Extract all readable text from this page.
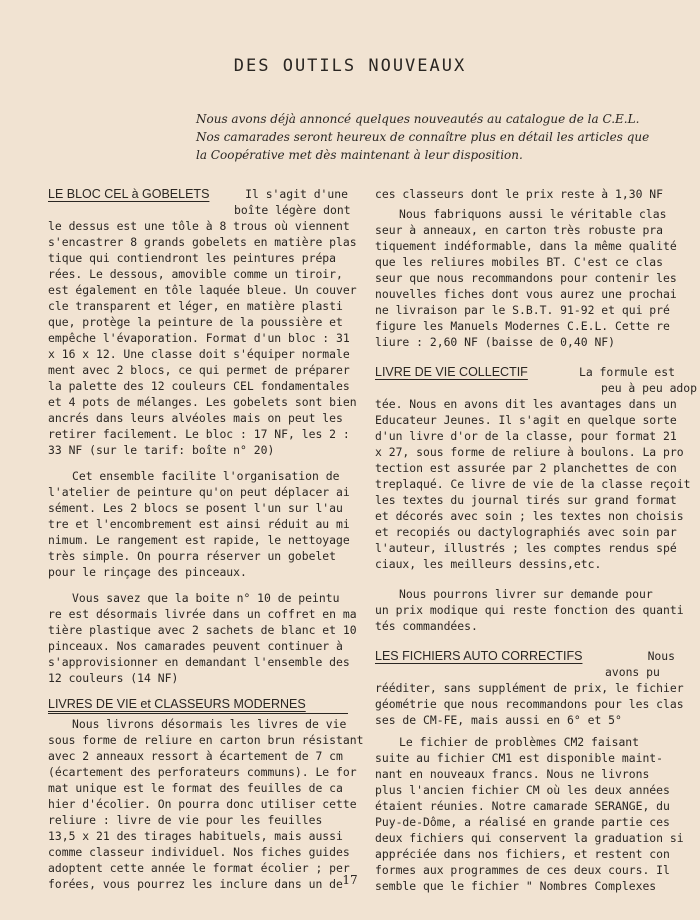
DES OUTILS NOUVEAUX
Nous avons déjà annoncé quelques nouveautés au catalogue de la C.E.L.
Nos camarades seront heureux de connaître plus en détail les articles que
la Coopérative met dès maintenant à leur disposition.
LE BLOC CEL à GOBELETS	Il s'agit d'une
boîte légère dont
le dessus est une tôle à 8 trous où viennent
s'encastrer 8 grands gobelets en matière plas
tique qui contiendront les peintures prépa
rées. Le dessous, amovible comme un tiroir,
est également en tôle laquée bleue. Un couver
cle transparent et léger, en matière plasti
que, protège la peinture de la poussière et
empêche l'évaporation. Format d'un bloc : 31
x 16 x 12. Une classe doit s'équiper normale
ment avec 2 blocs, ce qui permet de préparer
la palette des 12 couleurs CEL fondamentales
et 4 pots de mélanges. Les gobelets sont bien
ancrés dans leurs alvéoles mais on peut les
retirer facilement. Le bloc : 17 NF, les 2 :
33 NF (sur le tarif: boîte n° 20)
Cet ensemble facilite l'organisation de
l'atelier de peinture qu'on peut déplacer ai
sément. Les 2 blocs se posent l'un sur l'au
tre et l'encombrement est ainsi réduit au mi
nimum. Le rangement est rapide, le nettoyage
très simple. On pourra réserver un gobelet
pour le rinçage des pinceaux.
Vous savez que la boite n° 10 de peintu
re est désormais livrée dans un coffret en ma
tière plastique avec 2 sachets de blanc et 10
pinceaux. Nos camarades peuvent continuer à
s'approvisionner en demandant l'ensemble des
12 couleurs (14 NF)
LIVRES DE VIE et CLASSEURS MODERNES
Nous livrons désormais les livres de vie
sous forme de reliure en carton brun résistant
avec 2 anneaux ressort à écartement de 7 cm
(écartement des perforateurs communs). Le for
mat unique est le format des feuilles de ca
hier d'écolier. On pourra donc utiliser cette
reliure : livre de vie pour les feuilles
13,5 x 21 des tirages habituels, mais aussi
comme classeur individuel. Nos fiches guides
adoptent cette année le format écolier ; per
forées, vous pourrez les inclure dans un de
ces classeurs dont le prix reste à 1,30 NF
Nous fabriquons aussi le véritable clas
seur à anneaux, en carton très robuste pra
tiquement indéformable, dans la même qualité
que les reliures mobiles BT. C'est ce clas
seur que nous recommandons pour contenir les
nouvelles fiches dont vous aurez une prochai
ne livraison par le S.B.T. 91-92 et qui pré
figure les Manuels Modernes C.E.L. Cette re
liure : 2,60 NF (baisse de 0,40 NF)
LIVRE DE VIE COLLECTIF	La formule est
peu à peu adop
tée. Nous en avons dit les avantages dans un
Educateur Jeunes. Il s'agit en quelque sorte
d'un livre d'or de la classe, pour format 21
x 27, sous forme de reliure à boulons. La pro
tection est assurée par 2 planchettes de con
treplaqué. Ce livre de vie de la classe reçoit
les textes du journal tirés sur grand format
et décorés avec soin ; les textes non choisis
et recopiés ou dactylographiés avec soin par
l'auteur, illustrés ; les comptes rendus spé
ciaux, les meilleurs dessins,etc.
Nous pourrons livrer sur demande pour
un prix modique qui reste fonction des quanti
tés commandées.
LES FICHIERS AUTO CORRECTIFS	Nous
avons pu
rééditer, sans supplément de prix, le fichier
géométrie que nous recommandons pour les clas
ses de CM-FE, mais aussi en 6° et 5°
Le fichier de problèmes CM2 faisant
suite au fichier CM1 est disponible maint-
nant en nouveaux francs. Nous ne livrons
plus l'ancien fichier CM où les deux années
étaient réunies. Notre camarade SERANGE, du
Puy-de-Dôme, a réalisé en grande partie ces
deux fichiers qui conservent la graduation si
appréciée dans nos fichiers, et restent con
formes aux programmes de ces deux cours. Il
semble que le fichier " Nombres Complexes
17
